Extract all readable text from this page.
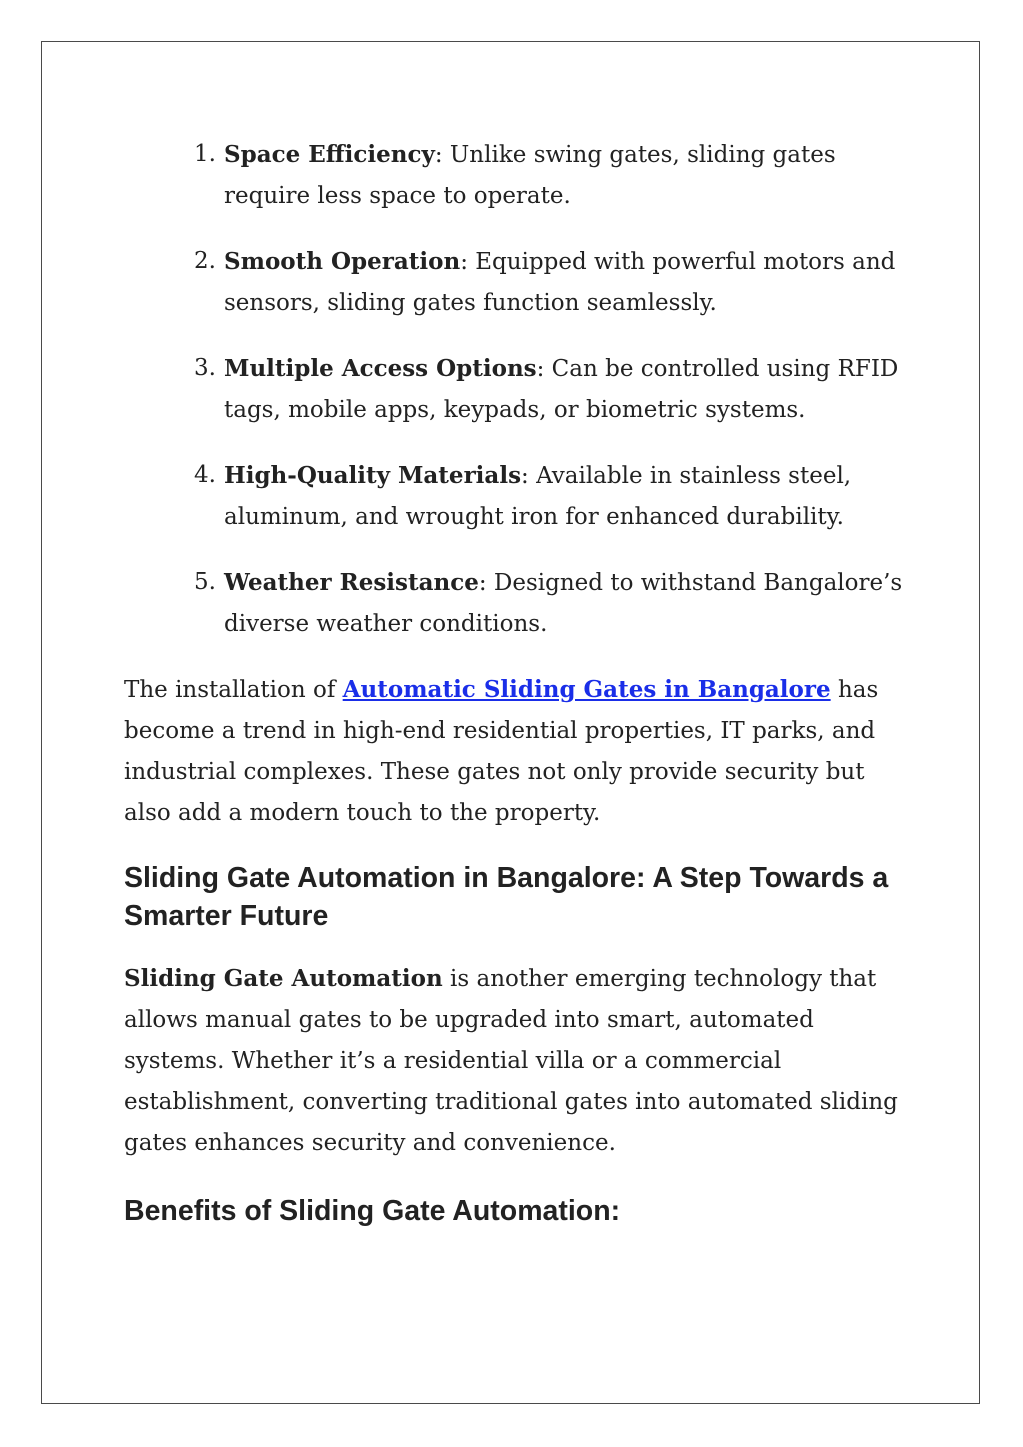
1. Space Efficiency: Unlike swing gates, sliding gates require less space to operate.
2. Smooth Operation: Equipped with powerful motors and sensors, sliding gates function seamlessly.
3. Multiple Access Options: Can be controlled using RFID tags, mobile apps, keypads, or biometric systems.
4. High-Quality Materials: Available in stainless steel, aluminum, and wrought iron for enhanced durability.
5. Weather Resistance: Designed to withstand Bangalore’s diverse weather conditions.

The installation of Automatic Sliding Gates in Bangalore has become a trend in high-end residential properties, IT parks, and industrial complexes. These gates not only provide security but also add a modern touch to the property.

Sliding Gate Automation in Bangalore: A Step Towards a Smarter Future

Sliding Gate Automation is another emerging technology that allows manual gates to be upgraded into smart, automated systems. Whether it’s a residential villa or a commercial establishment, converting traditional gates into automated sliding gates enhances security and convenience.

Benefits of Sliding Gate Automation:
